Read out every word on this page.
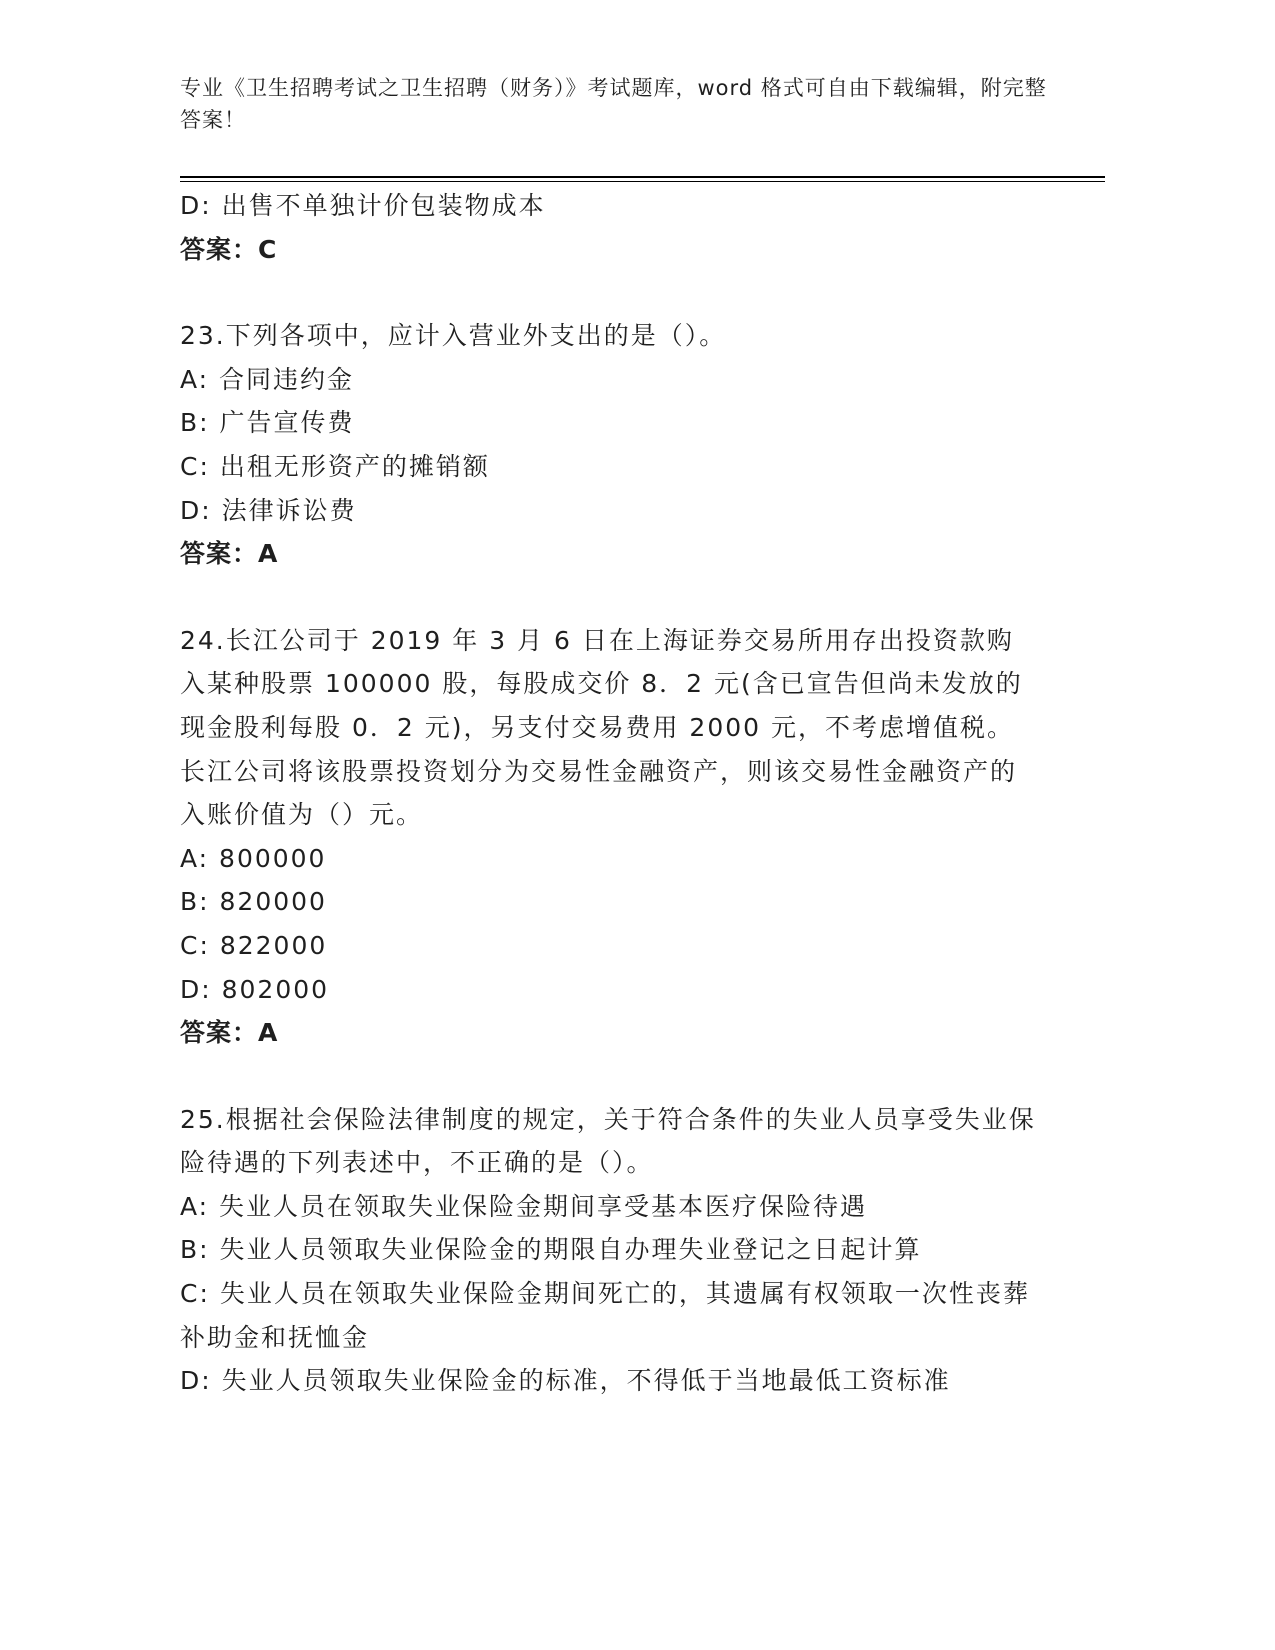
专业《卫生招聘考试之卫生招聘（财务）》考试题库，word 格式可自由下载编辑，附完整答案！

D: 出售不单独计价包装物成本

答案：C

23.下列各项中，应计入营业外支出的是（）。

A: 合同违约金

B: 广告宣传费

C: 出租无形资产的摊销额

D: 法律诉讼费

答案：A

24.长江公司于 2019 年 3 月 6 日在上海证券交易所用存出投资款购入某种股票 100000 股，每股成交价 8．2 元(含已宣告但尚未发放的现金股利每股 0．2 元)，另支付交易费用 2000 元，不考虑增值税。长江公司将该股票投资划分为交易性金融资产，则该交易性金融资产的入账价值为（）元。

A: 800000

B: 820000

C: 822000

D: 802000

答案：A

25.根据社会保险法律制度的规定，关于符合条件的失业人员享受失业保险待遇的下列表述中，不正确的是（）。

A: 失业人员在领取失业保险金期间享受基本医疗保险待遇

B: 失业人员领取失业保险金的期限自办理失业登记之日起计算

C: 失业人员在领取失业保险金期间死亡的，其遗属有权领取一次性丧葬补助金和抚恤金

D: 失业人员领取失业保险金的标准，不得低于当地最低工资标准
